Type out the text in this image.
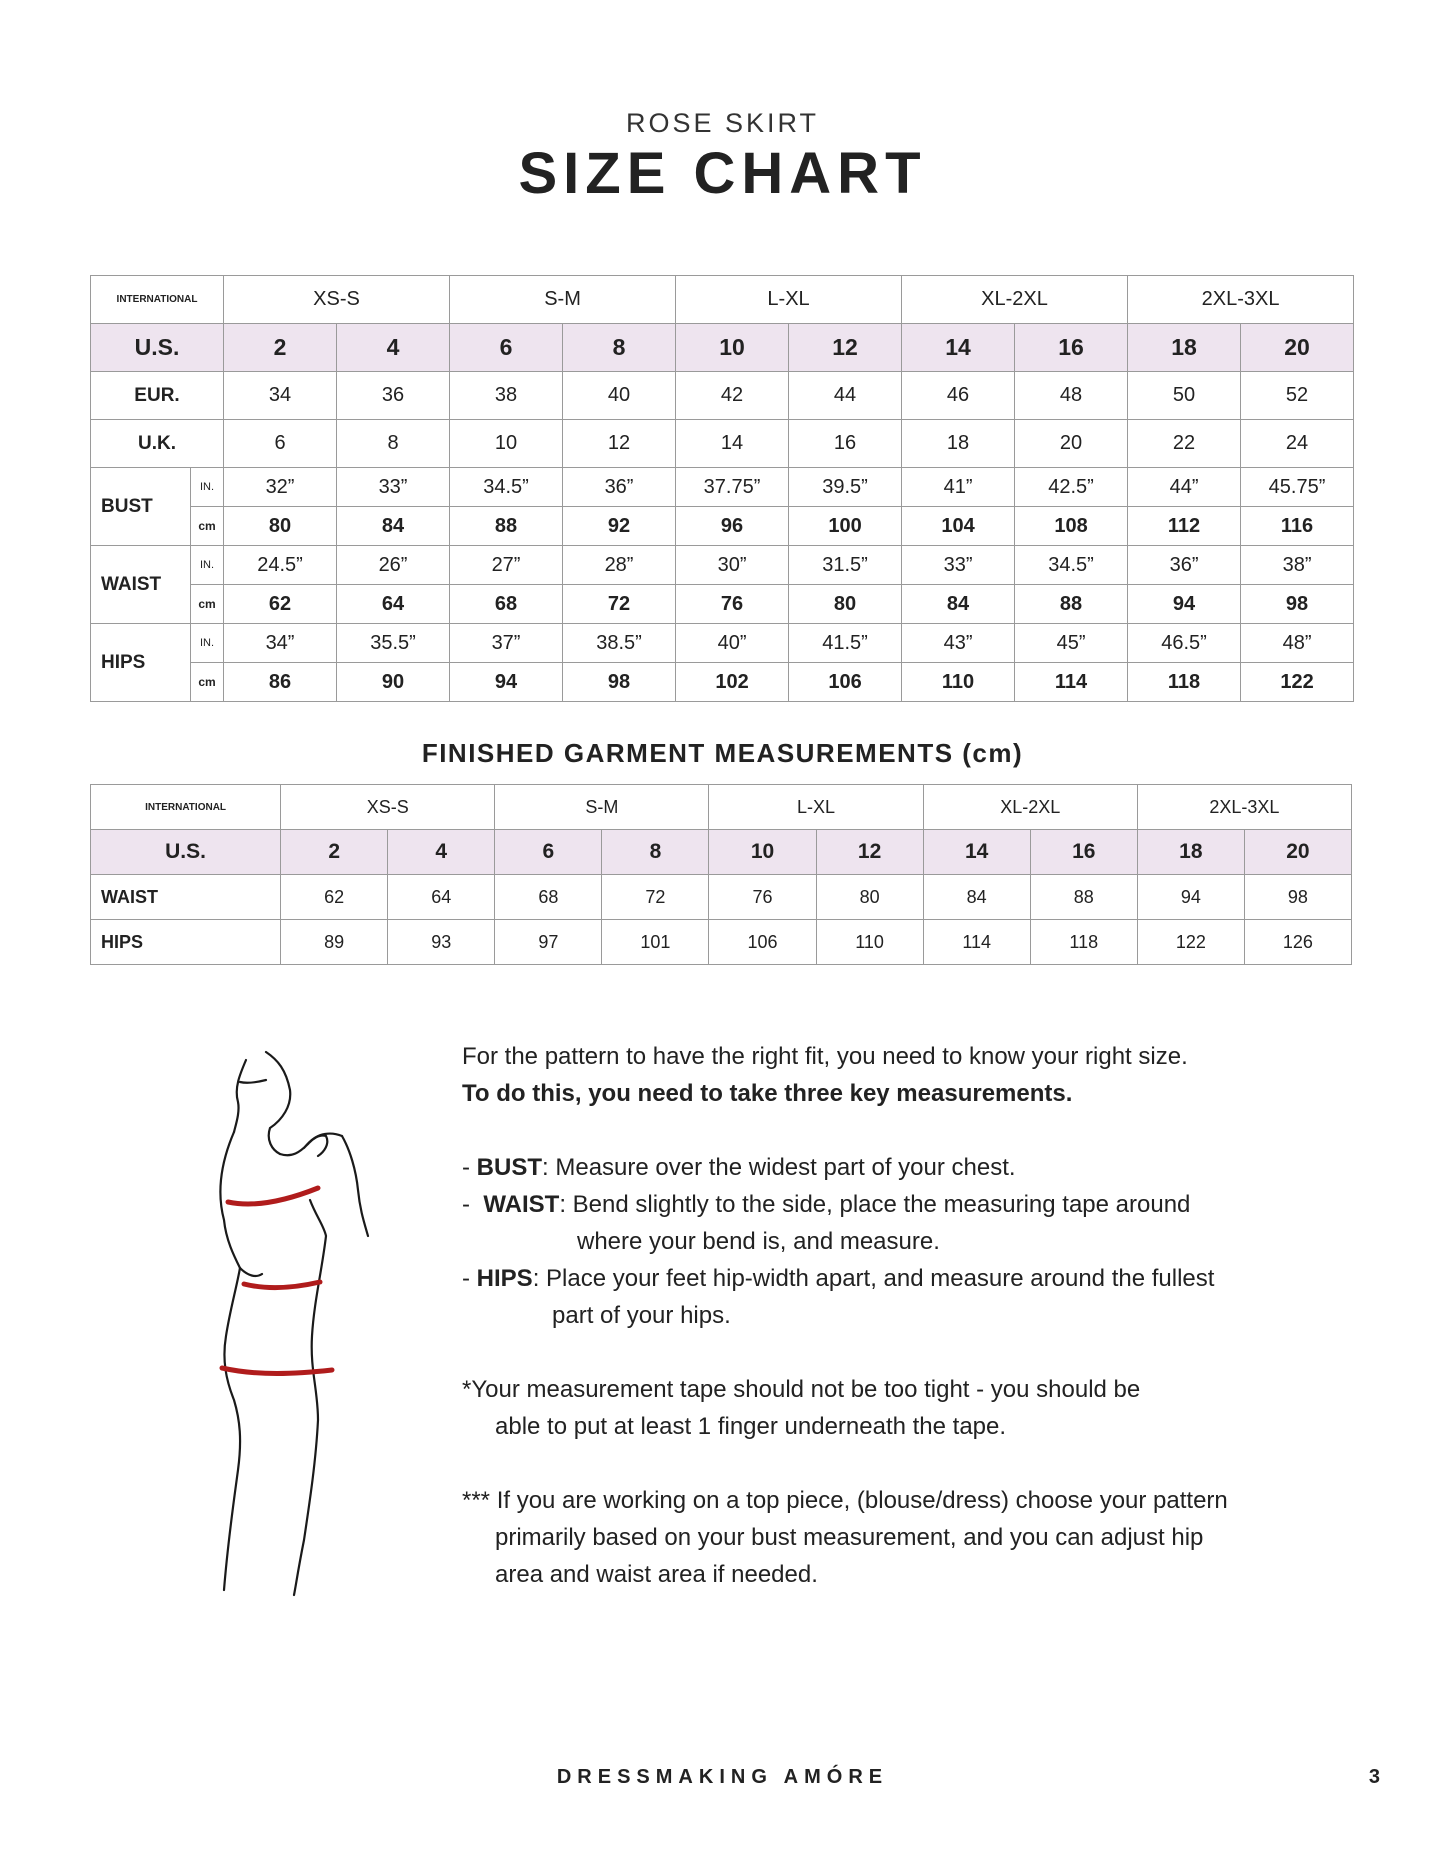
ROSE SKIRT
SIZE CHART
INTERNATIONAL		XS-S		S-M		L-XL		XL-2XL		2XL-3XL	
U.S.		2	4	6	8	10	12	14	16	18	20
EUR.		34	36	38	40	42	44	46	48	50	52
U.K.		6	8	10	12	14	16	18	20	22	24
BUST	IN.	32”	33”	34.5”	36”	37.75”	39.5”	41”	42.5”	44”	45.75”
	cm	80	84	88	92	96	100	104	108	112	116
WAIST	IN.	24.5”	26”	27”	28”	30”	31.5”	33”	34.5”	36”	38”
	cm	62	64	68	72	76	80	84	88	94	98
HIPS	IN.	34”	35.5”	37”	38.5”	40”	41.5”	43”	45”	46.5”	48”
	cm	86	90	94	98	102	106	110	114	118	122
FINISHED GARMENT MEASUREMENTS (cm)
INTERNATIONAL	XS-S		S-M		L-XL		XL-2XL		2XL-3XL	
U.S.	2	4	6	8	10	12	14	16	18	20
WAIST	62	64	68	72	76	80	84	88	94	98
HIPS	89	93	97	101	106	110	114	118	122	126

For the pattern to have the right fit, you need to know your right size.

To do this, you need to take three key measurements.

- BUST: Measure over the widest part of your chest.

-  WAIST: Bend slightly to the side, place the measuring tape around

where your bend is, and measure.

- HIPS: Place your feet hip-width apart, and measure around the fullest

part of your hips.

*Your measurement tape should not be too tight - you should be

able to put at least 1 finger underneath the tape.

*** If you are working on a top piece, (blouse/dress) choose your pattern

primarily based on your bust measurement, and you can adjust hip

area and waist area if needed.

DRESSMAKING AMÓRE	3
